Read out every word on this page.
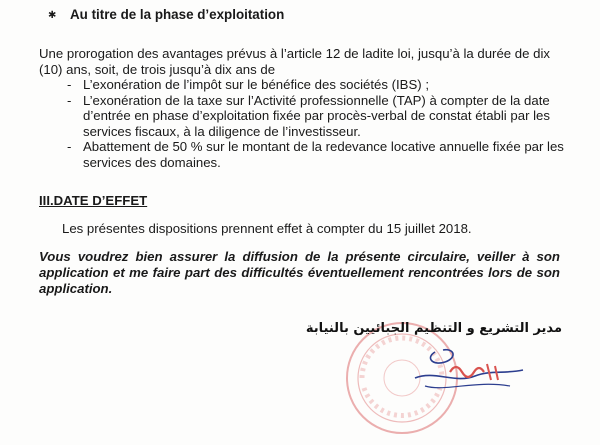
✱ Au titre de la phase d’exploitation
Une prorogation des avantages prévus à l’article 12 de ladite loi, jusqu’à la durée de dix (10) ans, soit, de trois jusqu’à dix ans de
- L’exonération de l’impôt sur le bénéfice des sociétés (IBS) ;
- L’exonération de la taxe sur l’Activité professionnelle (TAP) à compter de la date d’entrée en phase d’exploitation fixée par procès-verbal de constat établi par les services fiscaux, à la diligence de l’investisseur.
- Abattement de 50 % sur le montant de la redevance locative annuelle fixée par les services des domaines.
III.DATE D’EFFET
Les présentes dispositions prennent effet à compter du 15 juillet 2018.
Vous voudrez bien assurer la diffusion de la présente circulaire, veiller à son application et me faire part des difficultés éventuellement rencontrées lors de son application.
مدير التشريع و التنظيم الجبائيين بالنيابة
